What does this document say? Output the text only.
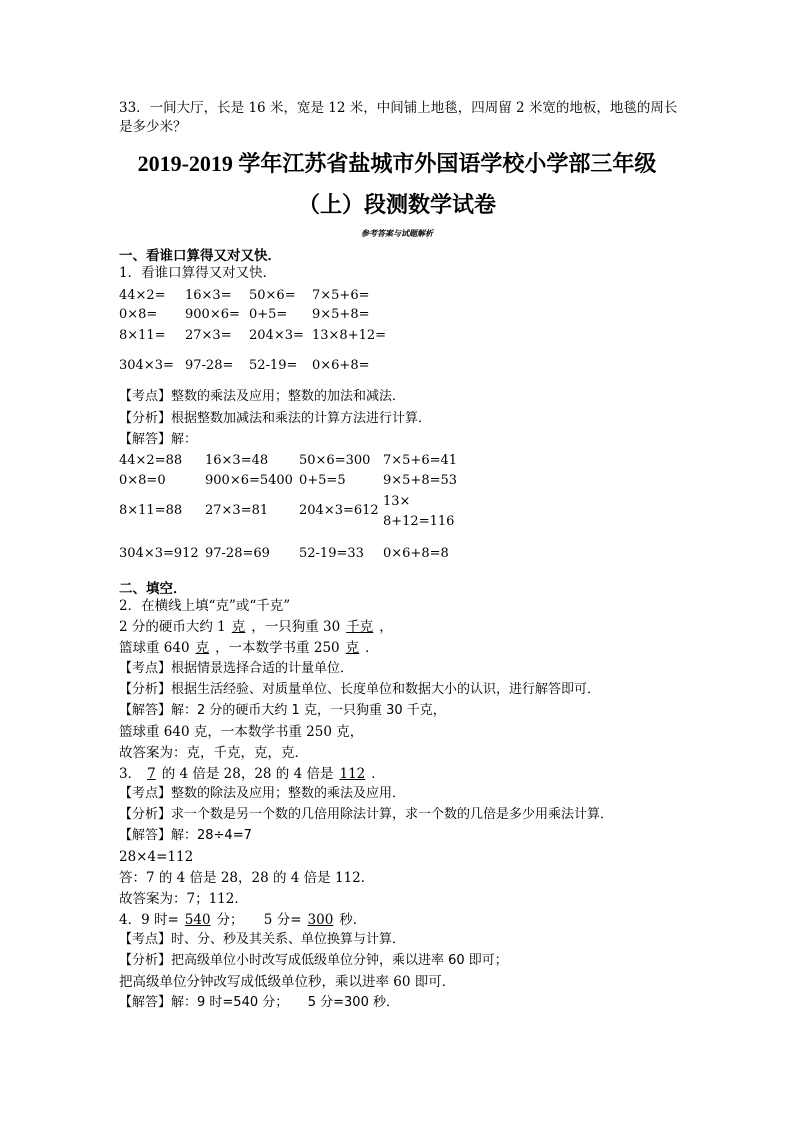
33．一间大厅，长是 16 米，宽是 12 米，中间铺上地毯，四周留 2 米宽的地板，地毯的周长
是多少米？
2019-2019 学年江苏省盐城市外国语学校小学部三年级
（上）段测数学试卷
参考答案与试题解析
一、看谁口算得又对又快．
1．看谁口算得又对又快．
44×2= 16×3= 50×6= 7×5+6=
0×8= 900×6= 0+5= 9×5+8=
8×11= 27×3= 204×3= 13×8+12=
304×3= 97-28= 52-19= 0×6+8=
【考点】整数的乘法及应用；整数的加法和减法．
【分析】根据整数加减法和乘法的计算方法进行计算．
【解答】解：
44×2=88 16×3=48 50×6=300 7×5+6=41
0×8=0	900×6=5400 0+5=5	9×5+8=53
8×11=88 27×3=81 204×3=612
13×
8+12=116
304×3=912 97-28=69 52-19=33 0×6+8=8
二、填空．
2．在横线上填“克”或“千克”
2 分的硬币大约 1 克 ，一只狗重 30 千克 ，
篮球重 640 克 ，一本数学书重 250 克 ．
【考点】根据情景选择合适的计量单位．
【分析】根据生活经验、对质量单位、长度单位和数据大小的认识，进行解答即可．
【解答】解：2 分的硬币大约 1 克，一只狗重 30 千克，
篮球重 640 克，一本数学书重 250 克，
故答案为：克，千克，克，克．
3． 7 的 4 倍是 28，28 的 4 倍是 112 ．
【考点】整数的除法及应用；整数的乘法及应用．
【分析】求一个数是另一个数的几倍用除法计算，求一个数的几倍是多少用乘法计算．
【解答】解：28÷4=7
28×4=112
答：7 的 4 倍是 28，28 的 4 倍是 112．
故答案为：7；112．
4．9 时= 540 分；　　5 分= 300 秒．
【考点】时、分、秒及其关系、单位换算与计算．
【分析】把高级单位小时改写成低级单位分钟，乘以进率 60 即可；
把高级单位分钟改写成低级单位秒，乘以进率 60 即可．
【解答】解：9 时=540 分；　　5 分=300 秒．
